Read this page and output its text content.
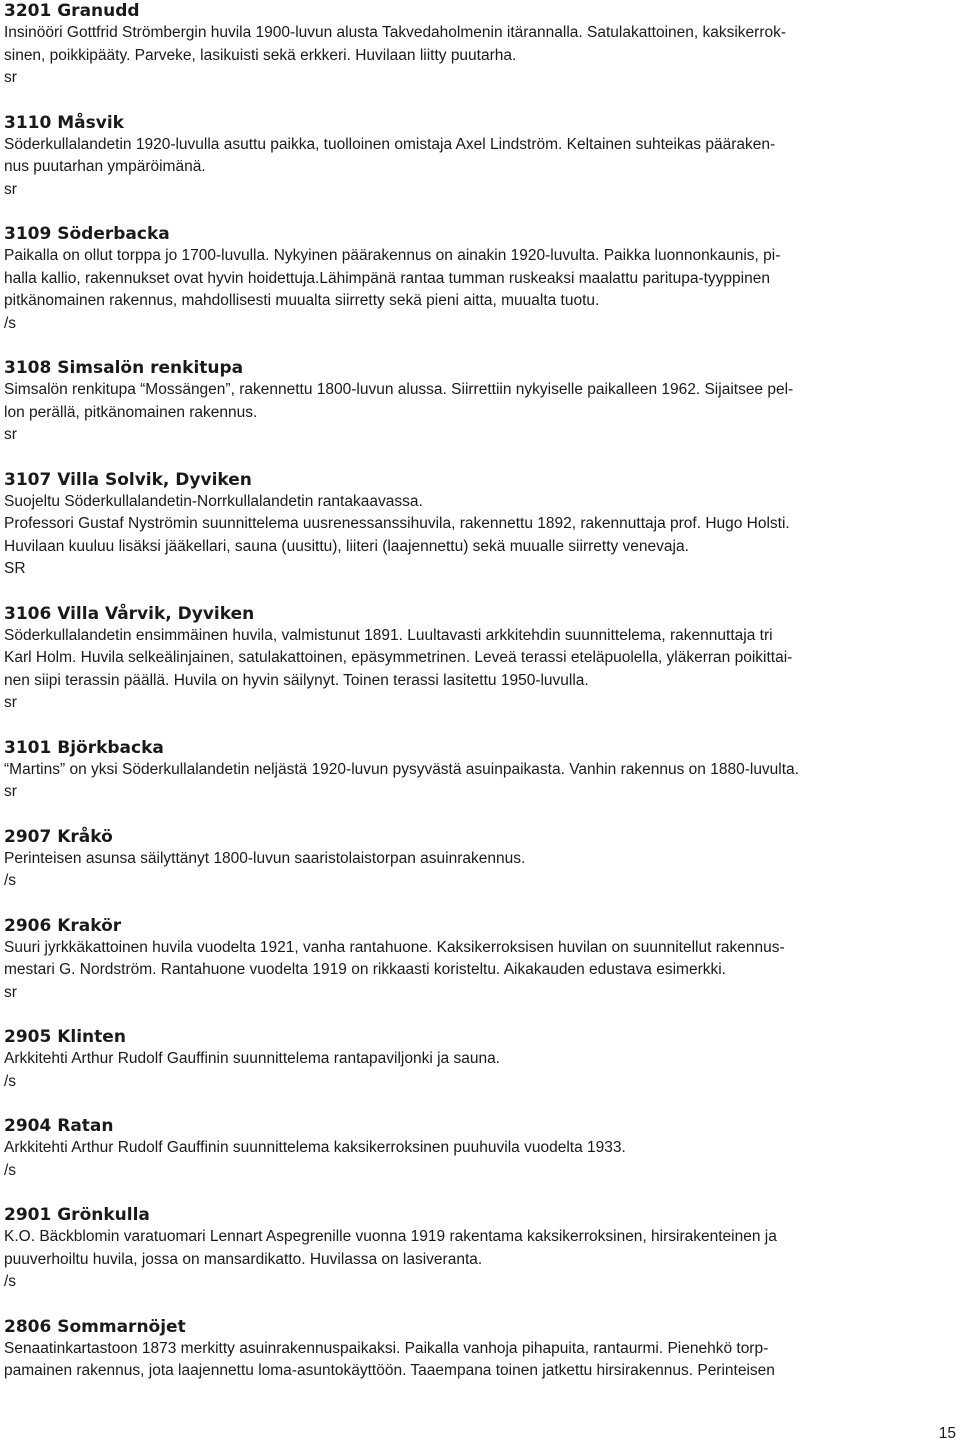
3201 Granudd

Insinööri Gottfrid Strömbergin huvila 1900-luvun alusta Takvedaholmenin itärannalla. Satulakattoinen, kaksikerrok-

sinen, poikkipääty. Parveke, lasikuisti sekä erkkeri. Huvilaan liitty puutarha.

sr

3110 Måsvik

Söderkullalandetin 1920-luvulla asuttu paikka, tuolloinen omistaja Axel Lindström. Keltainen suhteikas pääraken-

nus puutarhan ympäröimänä.

sr

3109 Söderbacka

Paikalla on ollut torppa jo 1700-luvulla. Nykyinen päärakennus on ainakin 1920-luvulta. Paikka luonnonkaunis, pi-

halla kallio, rakennukset ovat hyvin hoidettuja.Lähimpänä rantaa tumman ruskeaksi maalattu paritupa-tyyppinen

pitkänomainen rakennus, mahdollisesti muualta siirretty sekä pieni aitta, muualta tuotu.

/s

3108 Simsalön renkitupa

Simsalön renkitupa “Mossängen”, rakennettu 1800-luvun alussa. Siirrettiin nykyiselle paikalleen 1962. Sijaitsee pel-

lon perällä, pitkänomainen rakennus.

sr

3107 Villa Solvik, Dyviken

Suojeltu Söderkullalandetin-Norrkullalandetin rantakaavassa.

Professori Gustaf Nyströmin suunnittelema uusrenessanssihuvila, rakennettu 1892, rakennuttaja prof. Hugo Holsti.

Huvilaan kuuluu lisäksi jääkellari, sauna (uusittu), liiteri (laajennettu) sekä muualle siirretty venevaja.

SR

3106 Villa Vårvik, Dyviken

Söderkullalandetin ensimmäinen huvila, valmistunut 1891. Luultavasti arkkitehdin suunnittelema, rakennuttaja tri

Karl Holm. Huvila selkeälinjainen, satulakattoinen, epäsymmetrinen. Leveä terassi eteläpuolella, yläkerran poikittai-

nen siipi terassin päällä. Huvila on hyvin säilynyt. Toinen terassi lasitettu 1950-luvulla.

sr

3101 Björkbacka

“Martins” on yksi Söderkullalandetin neljästä 1920-luvun pysyvästä asuinpaikasta. Vanhin rakennus on 1880-luvulta.

sr

2907 Kråkö

Perinteisen asunsa säilyttänyt 1800-luvun saaristolaistorpan asuinrakennus.

/s

2906 Krakör

Suuri jyrkkäkattoinen huvila vuodelta 1921, vanha rantahuone. Kaksikerroksisen huvilan on suunnitellut rakennus-

mestari G. Nordström. Rantahuone vuodelta 1919 on rikkaasti koristeltu. Aikakauden edustava esimerkki.

sr

2905 Klinten

Arkkitehti Arthur Rudolf Gauffinin suunnittelema rantapaviljonki ja sauna.

/s

2904 Ratan

Arkkitehti Arthur Rudolf Gauffinin suunnittelema kaksikerroksinen puuhuvila vuodelta 1933.

/s

2901 Grönkulla

K.O. Bäckblomin varatuomari Lennart Aspegrenille vuonna 1919 rakentama kaksikerroksinen, hirsirakenteinen ja

puuverhoiltu huvila, jossa on mansardikatto. Huvilassa on lasiveranta.

/s

2806 Sommarnöjet

Senaatinkartastoon 1873 merkitty asuinrakennuspaikaksi. Paikalla vanhoja pihapuita, rantaurmi. Pienehkö torp-

pamainen rakennus, jota laajennettu loma-asuntokäyttöön. Taaempana toinen jatkettu hirsirakennus. Perinteisen

15
